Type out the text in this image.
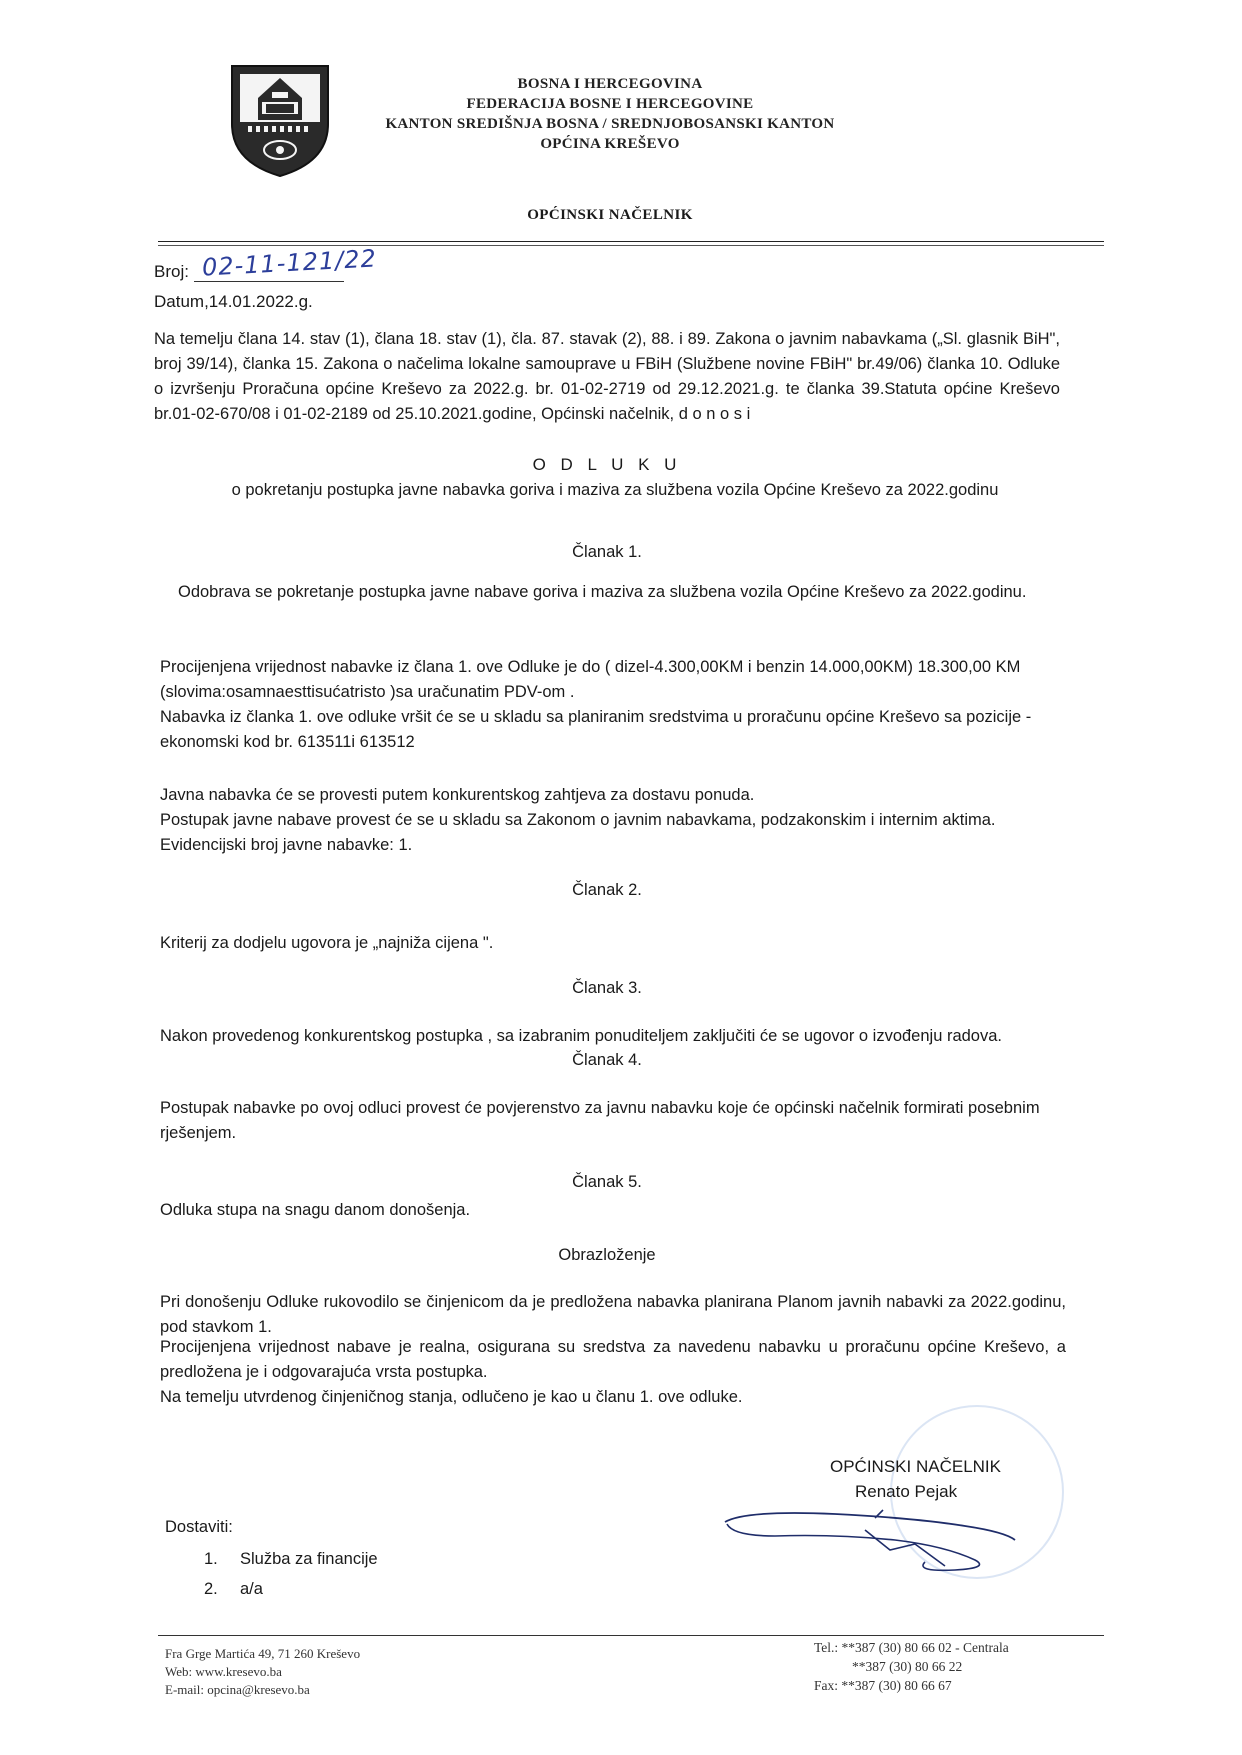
BOSNA I HERCEGOVINA
FEDERACIJA BOSNE I HERCEGOVINE
KANTON SREDIŠNJA BOSNA / SREDNJOBOSANSKI KANTON
OPĆINA KREŠEVO
OPĆINSKI NAČELNIK
Broj: 02-11-121/22
Datum,14.01.2022.g.
Na temelju člana 14. stav (1), člana 18. stav (1), čla. 87. stavak (2), 88. i 89. Zakona o javnim nabavkama („Sl. glasnik BiH", broj 39/14), članka 15. Zakona o načelima lokalne samouprave u FBiH (Službene novine FBiH" br.49/06) članka 10. Odluke o izvršenju Proračuna općine Kreševo za 2022.g. br. 01-02-2719 od 29.12.2021.g. te članka 39.Statuta općine Kreševo br.01-02-670/08 i 01-02-2189 od 25.10.2021.godine, Općinski načelnik, d o n o s i
O D L U K U
o pokretanju postupka javne nabavka goriva i maziva za službena vozila Općine Kreševo za 2022.godinu
Članak 1.
Odobrava se pokretanje postupka javne nabave goriva i maziva za službena vozila Općine Kreševo za 2022.godinu.
Procijenjena vrijednost nabavke iz člana 1. ove Odluke je do ( dizel-4.300,00KM i benzin 14.000,00KM) 18.300,00 KM (slovima:osamnaesttisućatristo )sa uračunatim PDV-om .
Nabavka iz članka 1. ove odluke vršit će se u skladu sa planiranim sredstvima u proračunu općine Kreševo sa pozicije -ekonomski kod br. 613511i 613512
Javna nabavka će se provesti putem konkurentskog zahtjeva za dostavu ponuda.
Postupak javne nabave provest će se u skladu sa Zakonom o javnim nabavkama, podzakonskim i internim aktima.
Evidencijski broj javne nabavke: 1.
Članak 2.
Kriterij za dodjelu ugovora je „najniža cijena ".
Članak 3.
Nakon provedenog konkurentskog postupka , sa izabranim ponuditeljem zaključiti će se ugovor o izvođenju radova.
Članak 4.
Postupak nabavke po ovoj odluci provest će povjerenstvo za javnu nabavku koje će općinski načelnik formirati posebnim rješenjem.
Članak 5.
Odluka stupa na snagu danom donošenja.
Obrazloženje
Pri donošenju Odluke rukovodilo se činjenicom da je predložena nabavka planirana Planom javnih nabavki za 2022.godinu, pod stavkom 1.
Procijenjena vrijednost nabave je realna, osigurana su sredstva za navedenu nabavku u proračunu općine Kreševo, a predložena je i odgovarajuća vrsta postupka.
Na temelju utvrdenog činjeničnog stanja, odlučeno je kao u članu 1. ove odluke.
OPĆINSKI NAČELNIK
Renato Pejak
Dostaviti:
1. Služba za financije
2. a/a
Fra Grge Martića 49, 71 260 Kreševo
Web: www.kresevo.ba
E-mail: opcina@kresevo.ba
Tel.: **387 (30) 80 66 02 - Centrala
**387 (30) 80 66 22
Fax: **387 (30) 80 66 67
